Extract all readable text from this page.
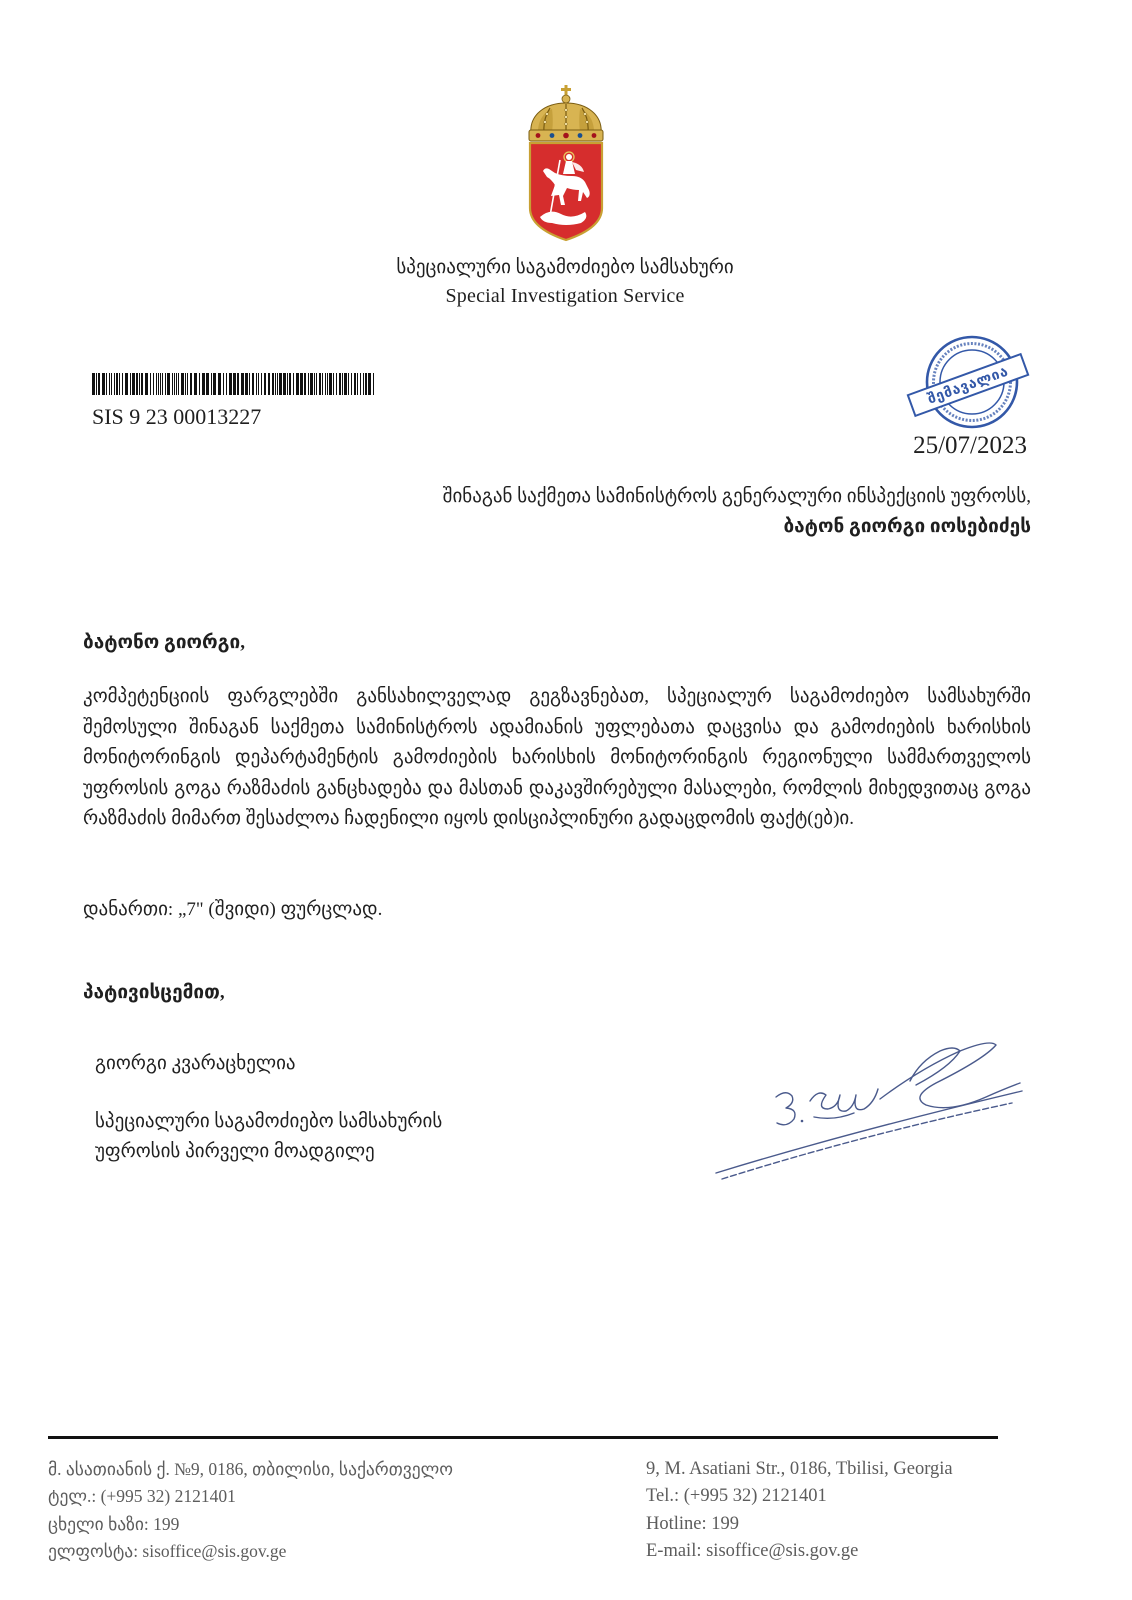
სპეციალური საგამოძიებო სამსახური
Special Investigation Service
SIS 9 23 00013227
შემავალია
25/07/2023
შინაგან საქმეთა სამინისტროს გენერალური ინსპექციის უფროსს,
ბატონ გიორგი იოსებიძეს
ბატონო გიორგი,
კომპეტენციის ფარგლებში განსახილველად გეგზავნებათ, სპეციალურ საგამოძიებო სამსახურში შემოსული შინაგან საქმეთა სამინისტროს ადამიანის უფლებათა დაცვისა და გამოძიების ხარისხის მონიტორინგის დეპარტამენტის გამოძიების ხარისხის მონიტორინგის რეგიონული სამმართველოს უფროსის გოგა რაზმაძის განცხადება და მასთან დაკავშირებული მასალები, რომლის მიხედვითაც გოგა რაზმაძის მიმართ შესაძლოა ჩადენილი იყოს დისციპლინური გადაცდომის ფაქტ(ებ)ი.
დანართი: „7" (შვიდი) ფურცლად.
პატივისცემით,
გიორგი კვარაცხელია
სპეციალური საგამოძიებო სამსახურის
უფროსის პირველი მოადგილე
მ. ასათიანის ქ. №9, 0186, თბილისი, საქართველო
ტელ.: (+995 32) 2121401
ცხელი ხაზი: 199
ელფოსტა: sisoffice@sis.gov.ge
9, M. Asatiani Str., 0186, Tbilisi, Georgia
Tel.: (+995 32) 2121401
Hotline: 199
E-mail: sisoffice@sis.gov.ge
